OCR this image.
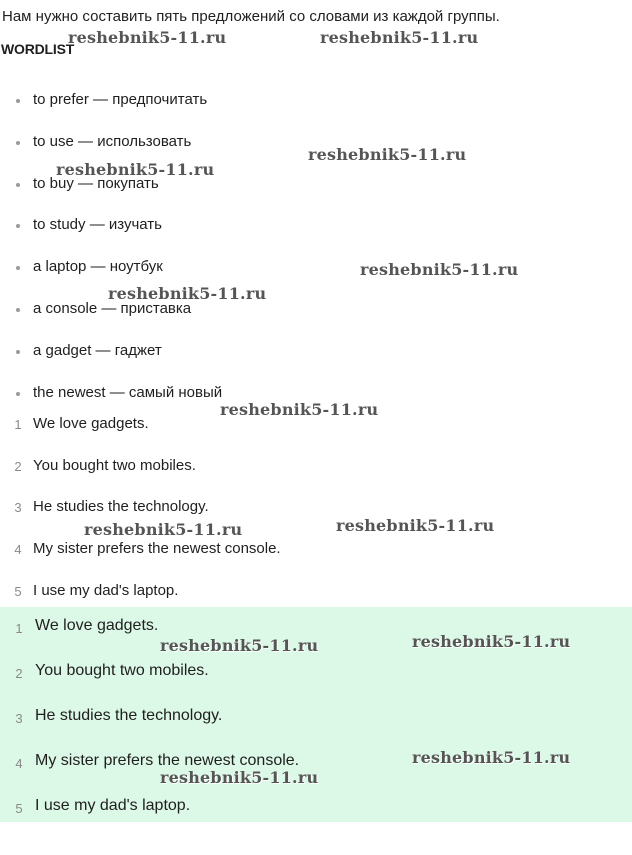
Нам нужно составить пять предложений со словами из каждой группы.
WORDLIST
to prefer — предпочитать
to use — использовать
to buy — покупать
to study — изучать
a laptop — ноутбук
a console — приставка
a gadget — гаджет
the newest — самый новый
1 We love gadgets.
2 You bought two mobiles.
3 He studies the technology.
4 My sister prefers the newest console.
5 I use my dad's laptop.
1 We love gadgets.
2 You bought two mobiles.
3 He studies the technology.
4 My sister prefers the newest console.
5 I use my dad's laptop.
reshebnik5-11.ru	reshebnik5-11.ru
reshebnik5-11.ru
reshebnik5-11.ru
reshebnik5-11.ru
reshebnik5-11.ru
reshebnik5-11.ru
reshebnik5-11.ru
reshebnik5-11.ru
reshebnik5-11.ru
reshebnik5-11.ru
reshebnik5-11.ru
reshebnik5-11.ru
